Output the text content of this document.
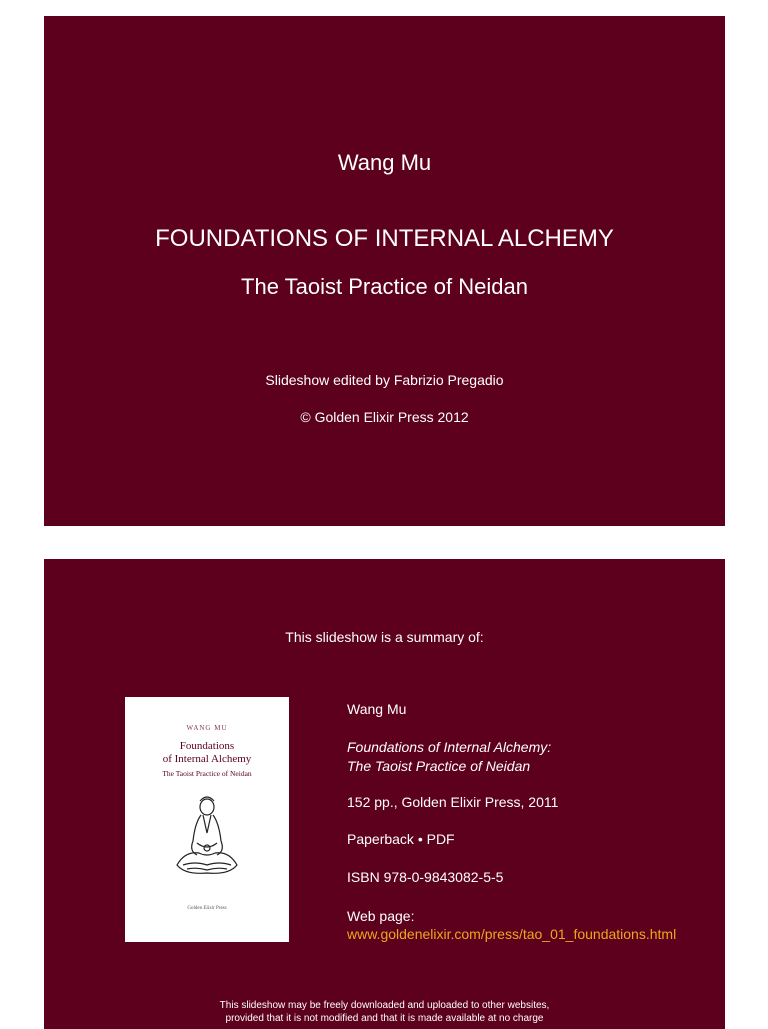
Wang Mu
FOUNDATIONS OF INTERNAL ALCHEMY
The Taoist Practice of Neidan
Slideshow edited by Fabrizio Pregadio
© Golden Elixir Press 2012
This slideshow is a summary of:
WANG MU
Foundations
of Internal Alchemy
The Taoist Practice of Neidan
Golden Elixir Press
Wang Mu
Foundations of Internal Alchemy:
The Taoist Practice of Neidan
152 pp., Golden Elixir Press, 2011
Paperback • PDF
ISBN 978-0-9843082-5-5
Web page:
www.goldenelixir.com/press/tao_01_foundations.html
This slideshow may be freely downloaded and uploaded to other websites,
provided that it is not modified and that it is made available at no charge
